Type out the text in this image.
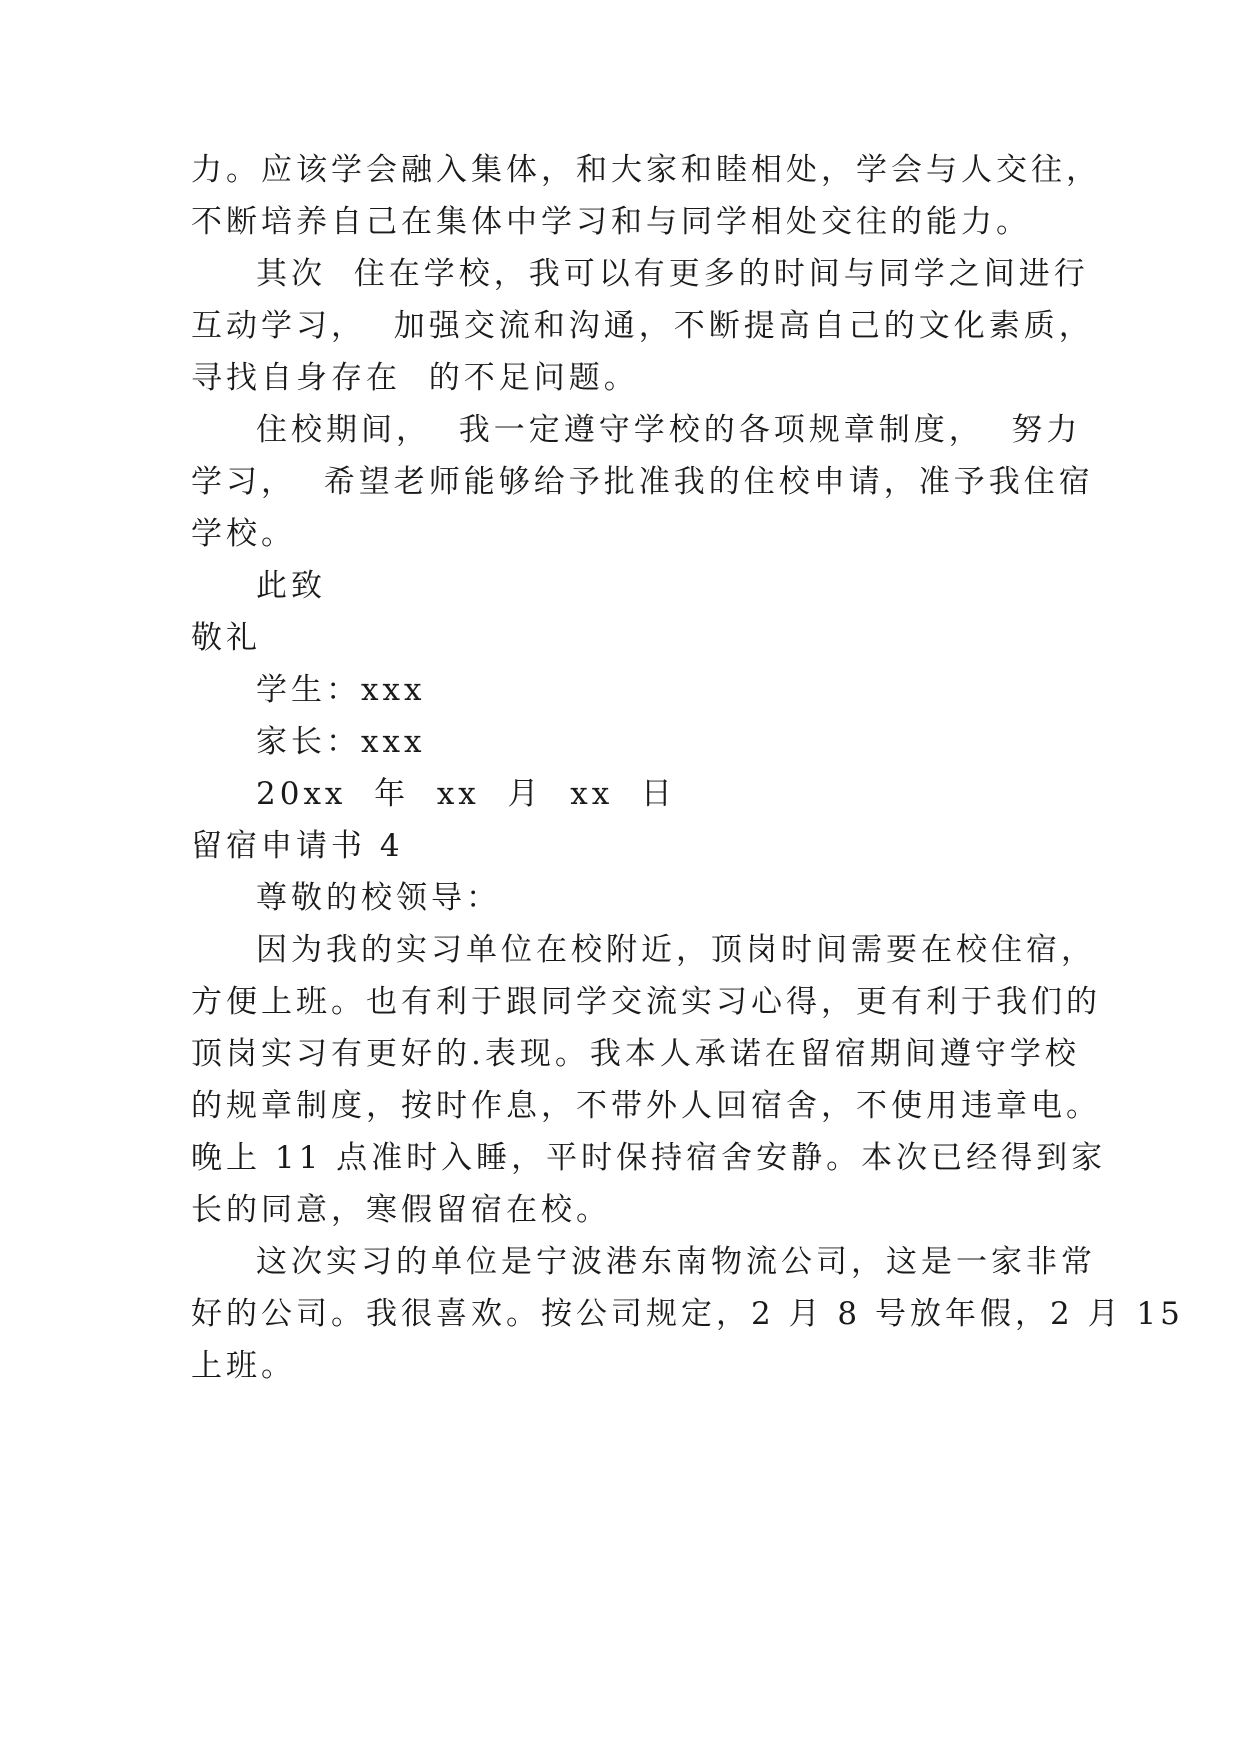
力。应该学会融入集体，和大家和睦相处，学会与人交往，
不断培养自己在集体中学习和与同学相处交往的能力。
其次  住在学校，我可以有更多的时间与同学之间进行
互动学习，  加强交流和沟通，不断提高自己的文化素质，
寻找自身存在  的不足问题。
住校期间，  我一定遵守学校的各项规章制度，  努力
学习，  希望老师能够给予批准我的住校申请，准予我住宿
学校。
此致
敬礼
学生：xxx
家长：xxx
20xx  年  xx  月  xx  日
留宿申请书 4
尊敬的校领导：
因为我的实习单位在校附近，顶岗时间需要在校住宿，
方便上班。也有利于跟同学交流实习心得，更有利于我们的
顶岗实习有更好的.表现。我本人承诺在留宿期间遵守学校
的规章制度，按时作息，不带外人回宿舍，不使用违章电。
晚上 11 点准时入睡，平时保持宿舍安静。本次已经得到家
长的同意，寒假留宿在校。
这次实习的单位是宁波港东南物流公司，这是一家非常
好的公司。我很喜欢。按公司规定，2 月 8 号放年假，2 月 15
上班。
